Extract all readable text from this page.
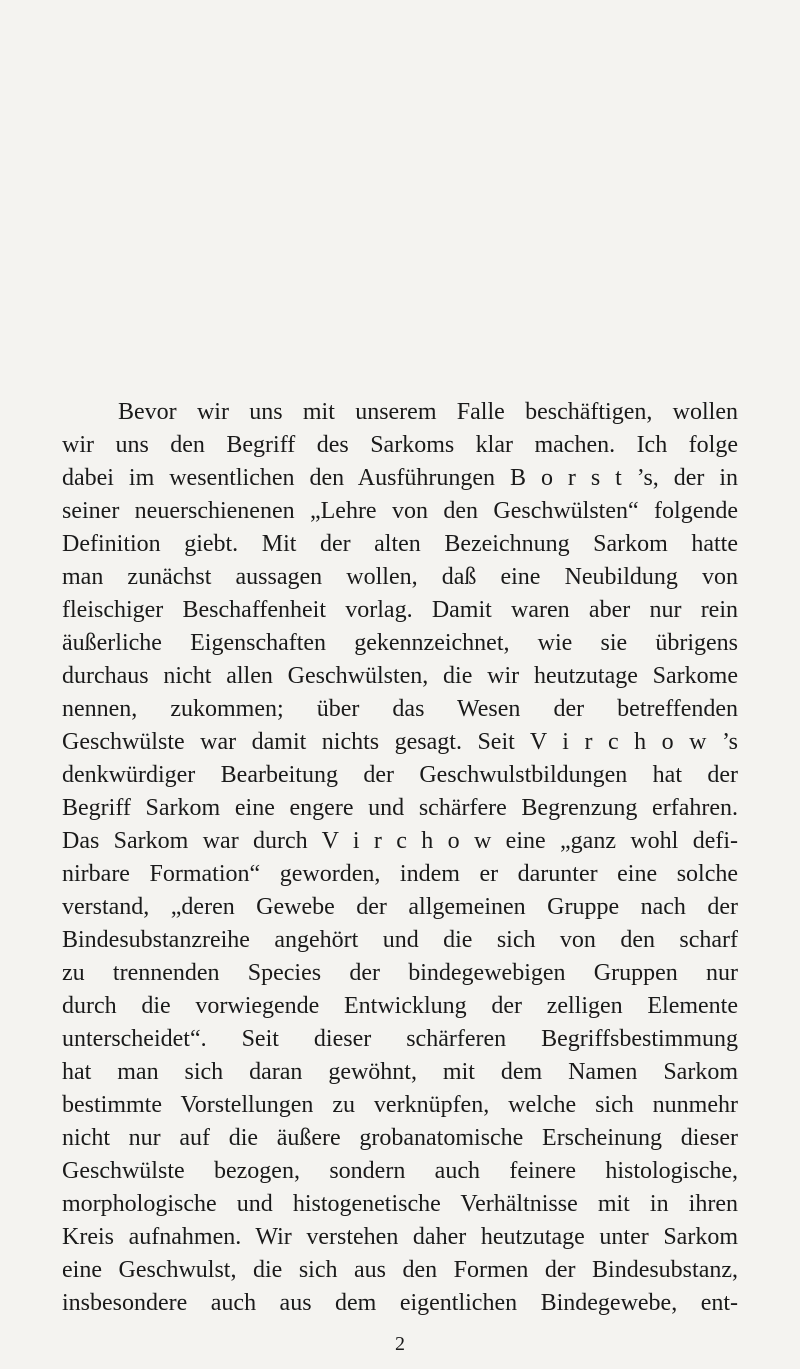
Bevor wir uns mit unserem Falle beschäftigen, wollen
wir uns den Begriff des Sarkoms klar machen. Ich folge
dabei im wesentlichen den Ausführungen B o r s t ’s, der in
seiner neuerschienenen „Lehre von den Geschwülsten“ folgende
Definition giebt. Mit der alten Bezeichnung Sarkom hatte
man zunächst aussagen wollen, daß eine Neubildung von
fleischiger Beschaffenheit vorlag. Damit waren aber nur rein
äußerliche Eigenschaften gekennzeichnet, wie sie übrigens
durchaus nicht allen Geschwülsten, die wir heutzutage Sarkome
nennen, zukommen; über das Wesen der betreffenden
Geschwülste war damit nichts gesagt. Seit V i r c h o w ’s
denkwürdiger Bearbeitung der Geschwulstbildungen hat der
Begriff Sarkom eine engere und schärfere Begrenzung erfahren.
Das Sarkom war durch V i r c h o w eine „ganz wohl defi-
nirbare Formation“ geworden, indem er darunter eine solche
verstand, „deren Gewebe der allgemeinen Gruppe nach der
Bindesubstanzreihe angehört und die sich von den scharf
zu trennenden Species der bindegewebigen Gruppen nur
durch die vorwiegende Entwicklung der zelligen Elemente
unterscheidet“. Seit dieser schärferen Begriffsbestimmung
hat man sich daran gewöhnt, mit dem Namen Sarkom
bestimmte Vorstellungen zu verknüpfen, welche sich nunmehr
nicht nur auf die äußere grobanatomische Erscheinung dieser
Geschwülste bezogen, sondern auch feinere histologische,
morphologische und histogenetische Verhältnisse mit in ihren
Kreis aufnahmen. Wir verstehen daher heutzutage unter Sarkom
eine Geschwulst, die sich aus den Formen der Bindesubstanz,
insbesondere auch aus dem eigentlichen Bindegewebe, ent-
2
